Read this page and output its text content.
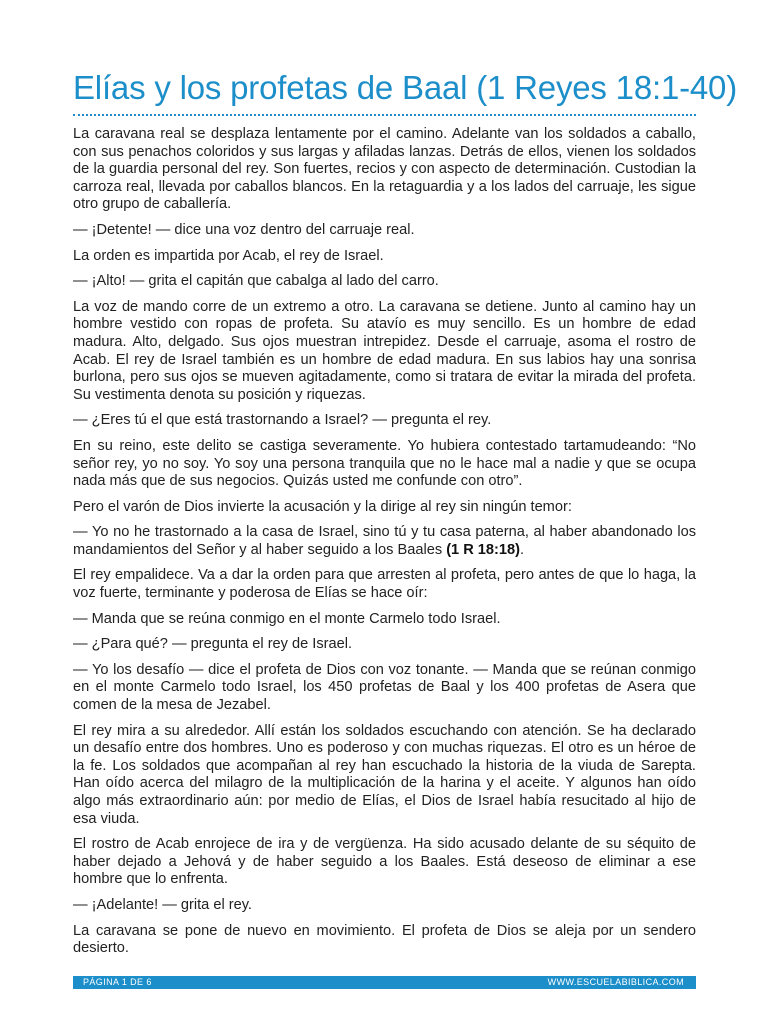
Elías y los profetas de Baal (1 Reyes 18:1-40)

La caravana real se desplaza lentamente por el camino. Adelante van los soldados a caballo, con sus penachos coloridos y sus largas y afiladas lanzas. Detrás de ellos, vienen los soldados de la guardia personal del rey. Son fuertes, recios y con aspecto de determinación. Custodian la carroza real, llevada por caballos blancos. En la retaguardia y a los lados del carruaje, les sigue otro grupo de caballería.

— ¡Detente! — dice una voz dentro del carruaje real.

La orden es impartida por Acab, el rey de Israel.

— ¡Alto! — grita el capitán que cabalga al lado del carro.

La voz de mando corre de un extremo a otro. La caravana se detiene. Junto al camino hay un hombre vestido con ropas de profeta. Su atavío es muy sencillo. Es un hombre de edad madura. Alto, delgado. Sus ojos muestran intrepidez. Desde el carruaje, asoma el rostro de Acab. El rey de Israel también es un hombre de edad madura. En sus labios hay una sonrisa burlona, pero sus ojos se mueven agitadamente, como si tratara de evitar la mirada del profeta. Su vestimenta denota su posición y riquezas.

— ¿Eres tú el que está trastornando a Israel? — pregunta el rey.

En su reino, este delito se castiga severamente. Yo hubiera contestado tartamudeando: “No señor rey, yo no soy. Yo soy una persona tranquila que no le hace mal a nadie y que se ocupa nada más que de sus negocios. Quizás usted me confunde con otro”.

Pero el varón de Dios invierte la acusación y la dirige al rey sin ningún temor:

— Yo no he trastornado a la casa de Israel, sino tú y tu casa paterna, al haber abandonado los mandamientos del Señor y al haber seguido a los Baales (1 R 18:18).

El rey empalidece. Va a dar la orden para que arresten al profeta, pero antes de que lo haga, la voz fuerte, terminante y poderosa de Elías se hace oír:

— Manda que se reúna conmigo en el monte Carmelo todo Israel.

— ¿Para qué? — pregunta el rey de Israel.

— Yo los desafío — dice el profeta de Dios con voz tonante. — Manda que se reúnan conmigo en el monte Carmelo todo Israel, los 450 profetas de Baal y los 400 profetas de Asera que comen de la mesa de Jezabel.

El rey mira a su alrededor. Allí están los soldados escuchando con atención. Se ha declarado un desafío entre dos hombres. Uno es poderoso y con muchas riquezas. El otro es un héroe de la fe. Los soldados que acompañan al rey han escuchado la historia de la viuda de Sarepta. Han oído acerca del milagro de la multiplicación de la harina y el aceite. Y algunos han oído algo más extraordinario aún: por medio de Elías, el Dios de Israel había resucitado al hijo de esa viuda.

El rostro de Acab enrojece de ira y de vergüenza. Ha sido acusado delante de su séquito de haber dejado a Jehová y de haber seguido a los Baales. Está deseoso de eliminar a ese hombre que lo enfrenta.

— ¡Adelante! — grita el rey.

La caravana se pone de nuevo en movimiento. El profeta de Dios se aleja por un sendero desierto.

PÁGINA 1 DE 6	WWW.ESCUELABIBLICA.COM
